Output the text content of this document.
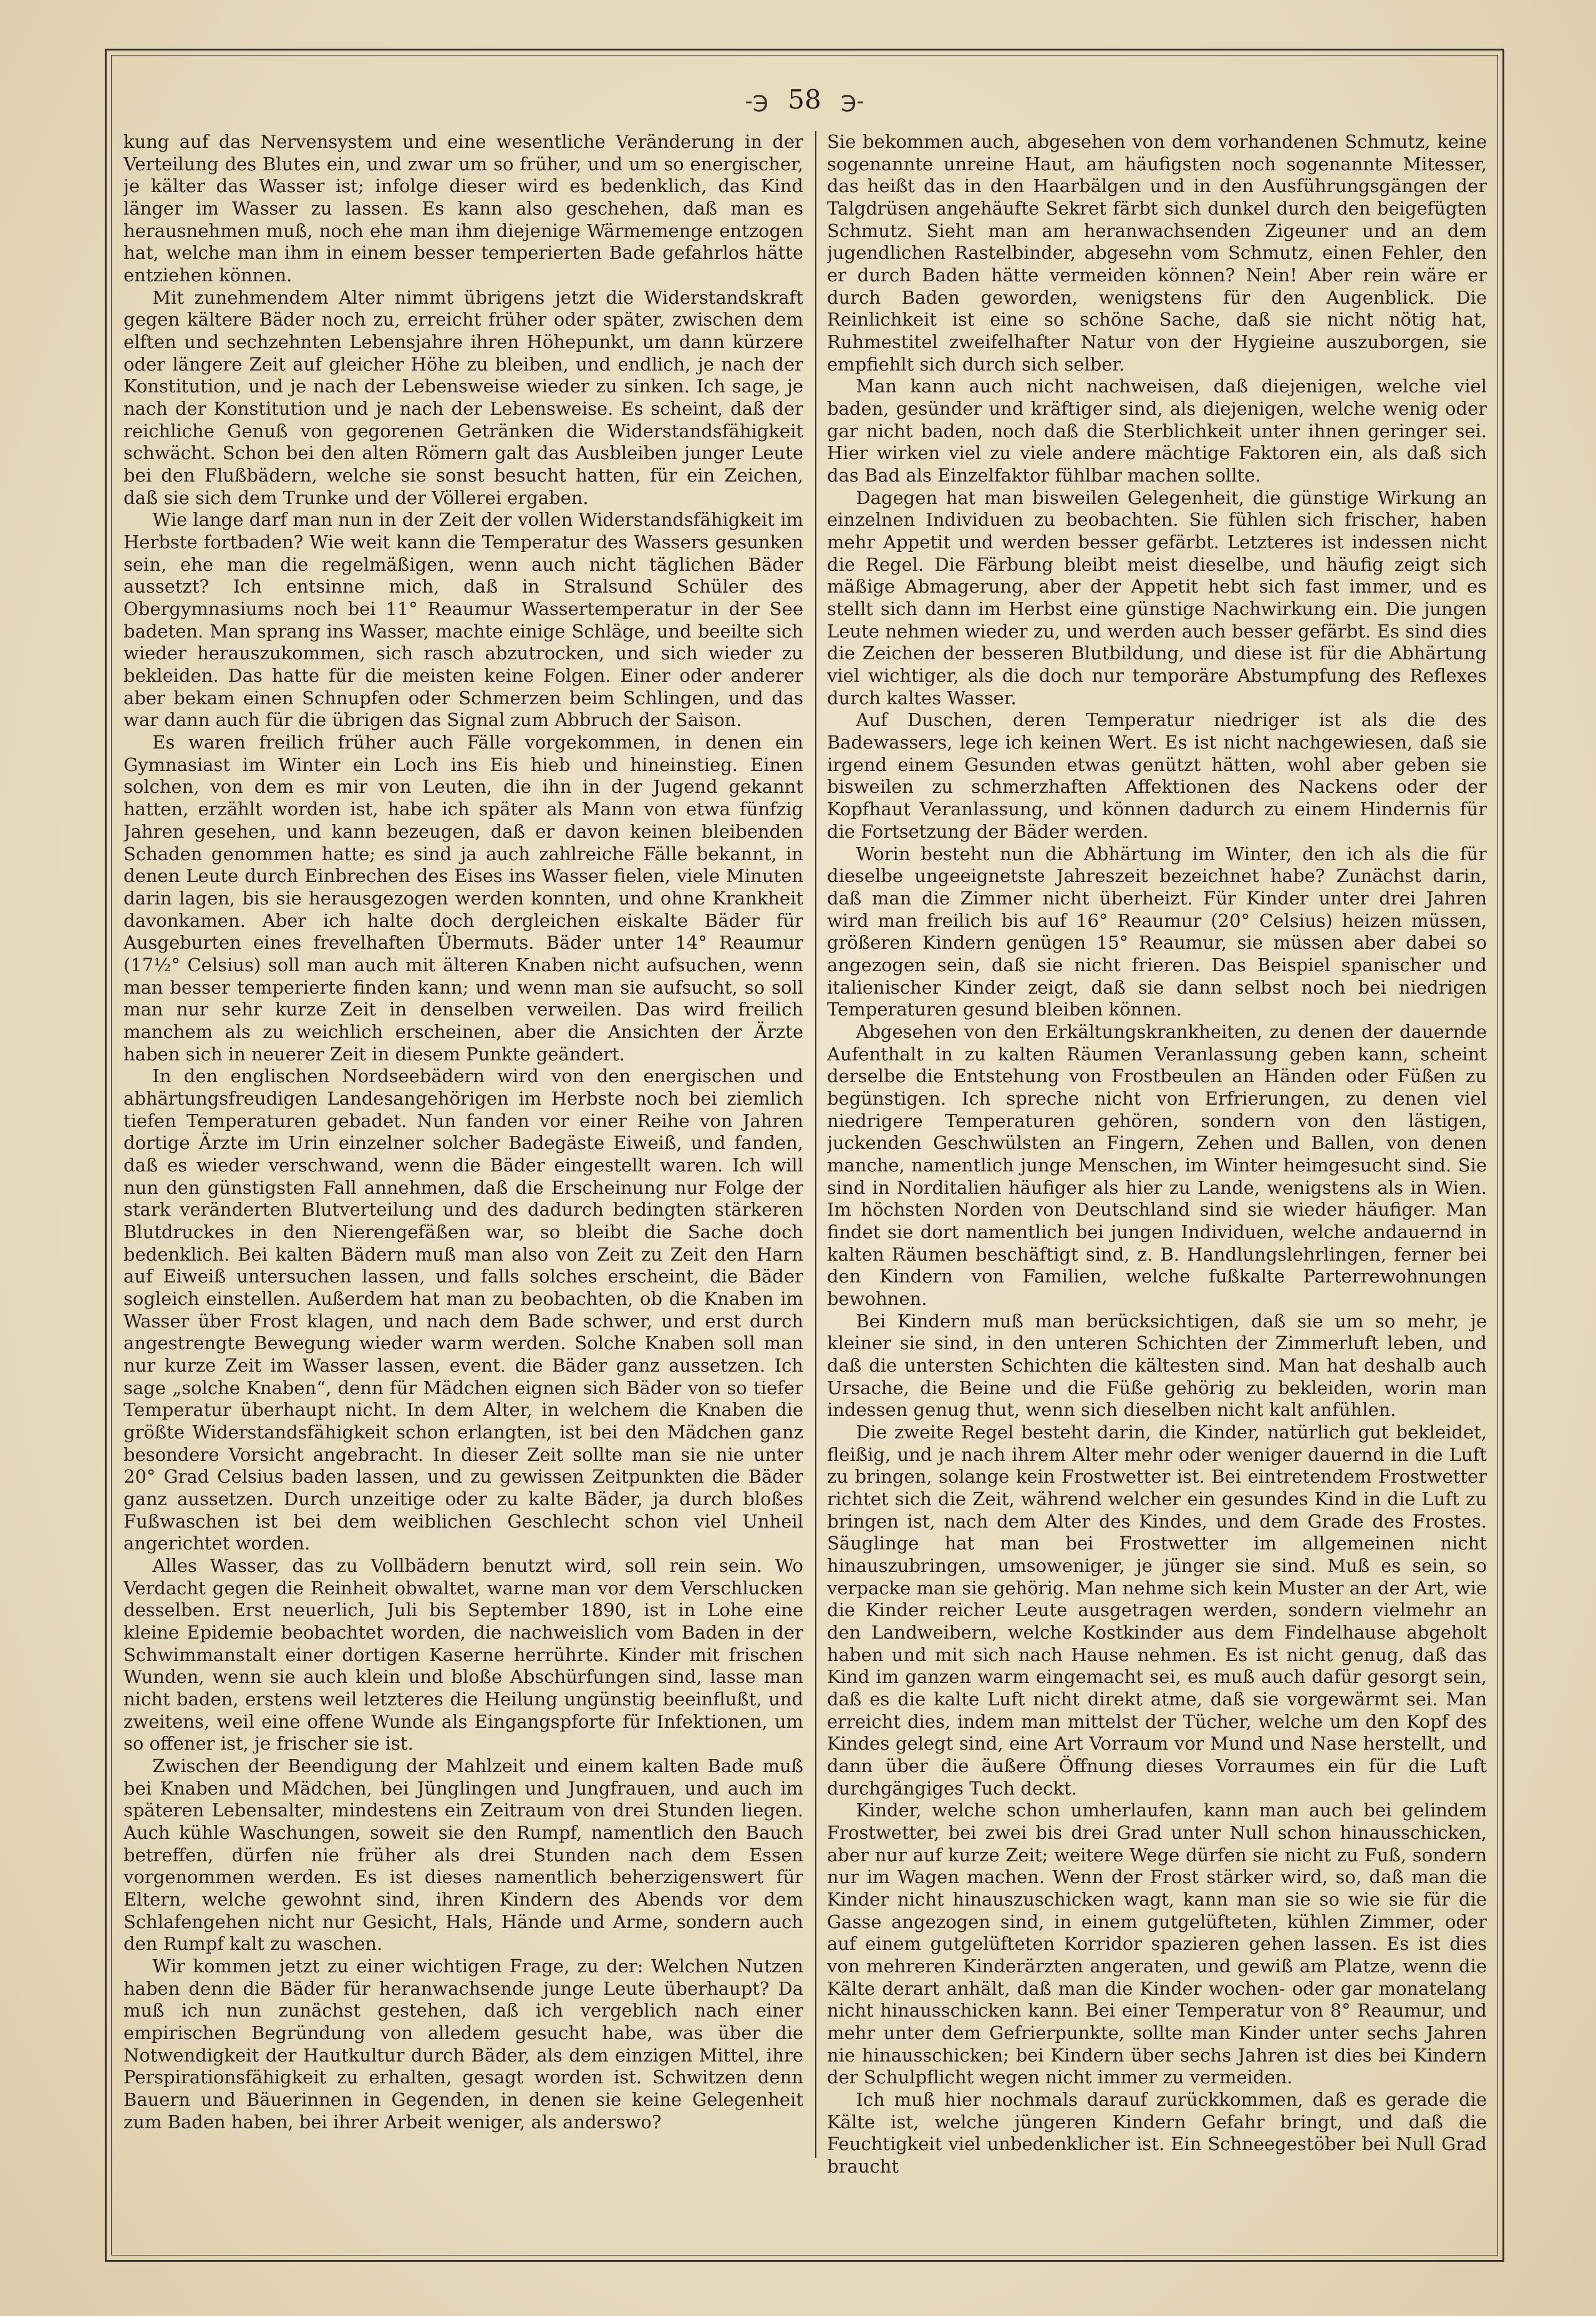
-℈ 58 ℈-

kung auf das Nervensystem und eine wesentliche Veränderung in der Verteilung des Blutes ein, und zwar um so früher, und um so energischer, je kälter das Wasser ist; infolge dieser wird es bedenklich, das Kind länger im Wasser zu lassen. Es kann also geschehen, daß man es herausnehmen muß, noch ehe man ihm diejenige Wärmemenge entzogen hat, welche man ihm in einem besser temperierten Bade gefahrlos hätte entziehen können.

Mit zunehmendem Alter nimmt übrigens jetzt die Widerstandskraft gegen kältere Bäder noch zu, erreicht früher oder später, zwischen dem elften und sechzehnten Lebensjahre ihren Höhepunkt, um dann kürzere oder längere Zeit auf gleicher Höhe zu bleiben, und endlich, je nach der Konstitution, und je nach der Lebensweise wieder zu sinken. Ich sage, je nach der Konstitution und je nach der Lebensweise. Es scheint, daß der reichliche Genuß von gegorenen Getränken die Widerstandsfähigkeit schwächt. Schon bei den alten Römern galt das Ausbleiben junger Leute bei den Flußbädern, welche sie sonst besucht hatten, für ein Zeichen, daß sie sich dem Trunke und der Völlerei ergaben.

Wie lange darf man nun in der Zeit der vollen Widerstandsfähigkeit im Herbste fortbaden? Wie weit kann die Temperatur des Wassers gesunken sein, ehe man die regelmäßigen, wenn auch nicht täglichen Bäder aussetzt? Ich entsinne mich, daß in Stralsund Schüler des Obergymnasiums noch bei 11° Reaumur Wassertemperatur in der See badeten. Man sprang ins Wasser, machte einige Schläge, und beeilte sich wieder herauszukommen, sich rasch abzutrocken, und sich wieder zu bekleiden. Das hatte für die meisten keine Folgen. Einer oder anderer aber bekam einen Schnupfen oder Schmerzen beim Schlingen, und das war dann auch für die übrigen das Signal zum Abbruch der Saison.

Es waren freilich früher auch Fälle vorgekommen, in denen ein Gymnasiast im Winter ein Loch ins Eis hieb und hineinstieg. Einen solchen, von dem es mir von Leuten, die ihn in der Jugend gekannt hatten, erzählt worden ist, habe ich später als Mann von etwa fünfzig Jahren gesehen, und kann bezeugen, daß er davon keinen bleibenden Schaden genommen hatte; es sind ja auch zahlreiche Fälle bekannt, in denen Leute durch Einbrechen des Eises ins Wasser fielen, viele Minuten darin lagen, bis sie herausgezogen werden konnten, und ohne Krankheit davonkamen. Aber ich halte doch dergleichen eiskalte Bäder für Ausgeburten eines frevelhaften Übermuts. Bäder unter 14° Reaumur (17½° Celsius) soll man auch mit älteren Knaben nicht aufsuchen, wenn man besser temperierte finden kann; und wenn man sie aufsucht, so soll man nur sehr kurze Zeit in denselben verweilen. Das wird freilich manchem als zu weichlich erscheinen, aber die Ansichten der Ärzte haben sich in neuerer Zeit in diesem Punkte geändert.

In den englischen Nordseebädern wird von den energischen und abhärtungsfreudigen Landesangehörigen im Herbste noch bei ziemlich tiefen Temperaturen gebadet. Nun fanden vor einer Reihe von Jahren dortige Ärzte im Urin einzelner solcher Badegäste Eiweiß, und fanden, daß es wieder verschwand, wenn die Bäder eingestellt waren. Ich will nun den günstigsten Fall annehmen, daß die Erscheinung nur Folge der stark veränderten Blutverteilung und des dadurch bedingten stärkeren Blutdruckes in den Nierengefäßen war, so bleibt die Sache doch bedenklich. Bei kalten Bädern muß man also von Zeit zu Zeit den Harn auf Eiweiß untersuchen lassen, und falls solches erscheint, die Bäder sogleich einstellen. Außerdem hat man zu beobachten, ob die Knaben im Wasser über Frost klagen, und nach dem Bade schwer, und erst durch angestrengte Bewegung wieder warm werden. Solche Knaben soll man nur kurze Zeit im Wasser lassen, event. die Bäder ganz aussetzen. Ich sage „solche Knaben“, denn für Mädchen eignen sich Bäder von so tiefer Temperatur überhaupt nicht. In dem Alter, in welchem die Knaben die größte Widerstandsfähigkeit schon erlangten, ist bei den Mädchen ganz besondere Vorsicht angebracht. In dieser Zeit sollte man sie nie unter 20° Grad Celsius baden lassen, und zu gewissen Zeitpunkten die Bäder ganz aussetzen. Durch unzeitige oder zu kalte Bäder, ja durch bloßes Fußwaschen ist bei dem weiblichen Geschlecht schon viel Unheil angerichtet worden.

Alles Wasser, das zu Vollbädern benutzt wird, soll rein sein. Wo Verdacht gegen die Reinheit obwaltet, warne man vor dem Verschlucken desselben. Erst neuerlich, Juli bis September 1890, ist in Lohe eine kleine Epidemie beobachtet worden, die nachweislich vom Baden in der Schwimmanstalt einer dortigen Kaserne herrührte. Kinder mit frischen Wunden, wenn sie auch klein und bloße Abschürfungen sind, lasse man nicht baden, erstens weil letzteres die Heilung ungünstig beeinflußt, und zweitens, weil eine offene Wunde als Eingangspforte für Infektionen, um so offener ist, je frischer sie ist.

Zwischen der Beendigung der Mahlzeit und einem kalten Bade muß bei Knaben und Mädchen, bei Jünglingen und Jungfrauen, und auch im späteren Lebensalter, mindestens ein Zeitraum von drei Stunden liegen. Auch kühle Waschungen, soweit sie den Rumpf, namentlich den Bauch betreffen, dürfen nie früher als drei Stunden nach dem Essen vorgenommen werden. Es ist dieses namentlich beherzigenswert für Eltern, welche gewohnt sind, ihren Kindern des Abends vor dem Schlafengehen nicht nur Gesicht, Hals, Hände und Arme, sondern auch den Rumpf kalt zu waschen.

Wir kommen jetzt zu einer wichtigen Frage, zu der: Welchen Nutzen haben denn die Bäder für heranwachsende junge Leute überhaupt? Da muß ich nun zunächst gestehen, daß ich vergeblich nach einer empirischen Begründung von alledem gesucht habe, was über die Notwendigkeit der Hautkultur durch Bäder, als dem einzigen Mittel, ihre Perspirationsfähigkeit zu erhalten, gesagt worden ist. Schwitzen denn Bauern und Bäuerinnen in Gegenden, in denen sie keine Gelegenheit zum Baden haben, bei ihrer Arbeit weniger, als anderswo?

Sie bekommen auch, abgesehen von dem vorhandenen Schmutz, keine sogenannte unreine Haut, am häufigsten noch sogenannte Mitesser, das heißt das in den Haarbälgen und in den Ausführungsgängen der Talgdrüsen angehäufte Sekret färbt sich dunkel durch den beigefügten Schmutz. Sieht man am heranwachsenden Zigeuner und an dem jugendlichen Rastelbinder, abgesehn vom Schmutz, einen Fehler, den er durch Baden hätte vermeiden können? Nein! Aber rein wäre er durch Baden geworden, wenigstens für den Augenblick. Die Reinlichkeit ist eine so schöne Sache, daß sie nicht nötig hat, Ruhmestitel zweifelhafter Natur von der Hygieine auszuborgen, sie empfiehlt sich durch sich selber.

Man kann auch nicht nachweisen, daß diejenigen, welche viel baden, gesünder und kräftiger sind, als diejenigen, welche wenig oder gar nicht baden, noch daß die Sterblichkeit unter ihnen geringer sei. Hier wirken viel zu viele andere mächtige Faktoren ein, als daß sich das Bad als Einzelfaktor fühlbar machen sollte.

Dagegen hat man bisweilen Gelegenheit, die günstige Wirkung an einzelnen Individuen zu beobachten. Sie fühlen sich frischer, haben mehr Appetit und werden besser gefärbt. Letzteres ist indessen nicht die Regel. Die Färbung bleibt meist dieselbe, und häufig zeigt sich mäßige Abmagerung, aber der Appetit hebt sich fast immer, und es stellt sich dann im Herbst eine günstige Nachwirkung ein. Die jungen Leute nehmen wieder zu, und werden auch besser gefärbt. Es sind dies die Zeichen der besseren Blutbildung, und diese ist für die Abhärtung viel wichtiger, als die doch nur temporäre Abstumpfung des Reflexes durch kaltes Wasser.

Auf Duschen, deren Temperatur niedriger ist als die des Badewassers, lege ich keinen Wert. Es ist nicht nachgewiesen, daß sie irgend einem Gesunden etwas genützt hätten, wohl aber geben sie bisweilen zu schmerzhaften Affektionen des Nackens oder der Kopfhaut Veranlassung, und können dadurch zu einem Hindernis für die Fortsetzung der Bäder werden.

Worin besteht nun die Abhärtung im Winter, den ich als die für dieselbe ungeeignetste Jahreszeit bezeichnet habe? Zunächst darin, daß man die Zimmer nicht überheizt. Für Kinder unter drei Jahren wird man freilich bis auf 16° Reaumur (20° Celsius) heizen müssen, größeren Kindern genügen 15° Reaumur, sie müssen aber dabei so angezogen sein, daß sie nicht frieren. Das Beispiel spanischer und italienischer Kinder zeigt, daß sie dann selbst noch bei niedrigen Temperaturen gesund bleiben können.

Abgesehen von den Erkältungskrankheiten, zu denen der dauernde Aufenthalt in zu kalten Räumen Veranlassung geben kann, scheint derselbe die Entstehung von Frostbeulen an Händen oder Füßen zu begünstigen. Ich spreche nicht von Erfrierungen, zu denen viel niedrigere Temperaturen gehören, sondern von den lästigen, juckenden Geschwülsten an Fingern, Zehen und Ballen, von denen manche, namentlich junge Menschen, im Winter heimgesucht sind. Sie sind in Norditalien häufiger als hier zu Lande, wenigstens als in Wien. Im höchsten Norden von Deutschland sind sie wieder häufiger. Man findet sie dort namentlich bei jungen Individuen, welche andauernd in kalten Räumen beschäftigt sind, z. B. Handlungslehrlingen, ferner bei den Kindern von Familien, welche fußkalte Parterrewohnungen bewohnen.

Bei Kindern muß man berücksichtigen, daß sie um so mehr, je kleiner sie sind, in den unteren Schichten der Zimmerluft leben, und daß die untersten Schichten die kältesten sind. Man hat deshalb auch Ursache, die Beine und die Füße gehörig zu bekleiden, worin man indessen genug thut, wenn sich dieselben nicht kalt anfühlen.

Die zweite Regel besteht darin, die Kinder, natürlich gut bekleidet, fleißig, und je nach ihrem Alter mehr oder weniger dauernd in die Luft zu bringen, solange kein Frostwetter ist. Bei eintretendem Frostwetter richtet sich die Zeit, während welcher ein gesundes Kind in die Luft zu bringen ist, nach dem Alter des Kindes, und dem Grade des Frostes. Säuglinge hat man bei Frostwetter im allgemeinen nicht hinauszubringen, umsoweniger, je jünger sie sind. Muß es sein, so verpacke man sie gehörig. Man nehme sich kein Muster an der Art, wie die Kinder reicher Leute ausgetragen werden, sondern vielmehr an den Landweibern, welche Kostkinder aus dem Findelhause abgeholt haben und mit sich nach Hause nehmen. Es ist nicht genug, daß das Kind im ganzen warm eingemacht sei, es muß auch dafür gesorgt sein, daß es die kalte Luft nicht direkt atme, daß sie vorgewärmt sei. Man erreicht dies, indem man mittelst der Tücher, welche um den Kopf des Kindes gelegt sind, eine Art Vorraum vor Mund und Nase herstellt, und dann über die äußere Öffnung dieses Vorraumes ein für die Luft durchgängiges Tuch deckt.

Kinder, welche schon umherlaufen, kann man auch bei gelindem Frostwetter, bei zwei bis drei Grad unter Null schon hinausschicken, aber nur auf kurze Zeit; weitere Wege dürfen sie nicht zu Fuß, sondern nur im Wagen machen. Wenn der Frost stärker wird, so, daß man die Kinder nicht hinauszuschicken wagt, kann man sie so wie sie für die Gasse angezogen sind, in einem gutgelüfteten, kühlen Zimmer, oder auf einem gutgelüfteten Korridor spazieren gehen lassen. Es ist dies von mehreren Kinderärzten angeraten, und gewiß am Platze, wenn die Kälte derart anhält, daß man die Kinder wochen- oder gar monatelang nicht hinausschicken kann. Bei einer Temperatur von 8° Reaumur, und mehr unter dem Gefrierpunkte, sollte man Kinder unter sechs Jahren nie hinausschicken; bei Kindern über sechs Jahren ist dies bei Kindern der Schulpflicht wegen nicht immer zu vermeiden.

Ich muß hier nochmals darauf zurückkommen, daß es gerade die Kälte ist, welche jüngeren Kindern Gefahr bringt, und daß die Feuchtigkeit viel unbedenklicher ist. Ein Schneegestöber bei Null Grad braucht
